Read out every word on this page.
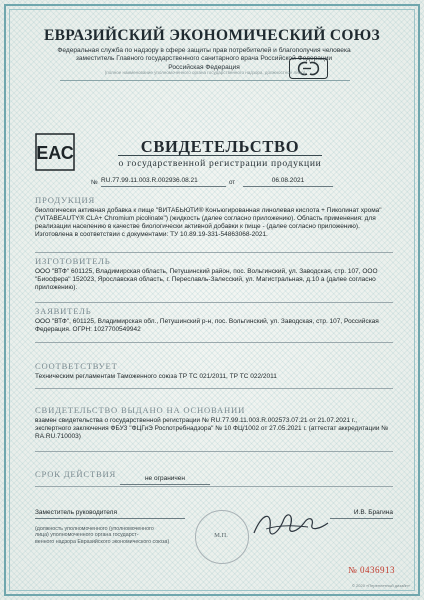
ЕВРАЗИЙСКИЙ ЭКОНОМИЧЕСКИЙ СОЮЗ
Федеральная служба по надзору в сфере защиты прав потребителей и благополучия человека
заместитель Главного государственного санитарного врача Российской Федерации
Российская Федерация
(полное наименование уполномоченного органа государственного надзора, должностное лицо)
ЕАС	СВИДЕТЕЛЬСТВО
о государственной регистрации продукции
№ RU.77.99.11.003.R.002936.08.21	от	06.08.2021
ПРОДУКЦИЯ
биологически активная добавка к пище "ВИТАБЬЮТИ® Конъюгированная линолевая кислота + Пиколинат хрома" ("VITABEAUTY® CLA+ Chromium picolinate") (жидкость (далее согласно приложению). Область применения: для реализации населению в качестве биологически активной добавки к пище - (далее согласно приложению). Изготовлена в соответствии с документами: ТУ 10.89.19-331-54863068-2021.
ИЗГОТОВИТЕЛЬ
ООО "ВТФ" 601125, Владимирская область, Петушинский район, пос. Вольгинский, ул. Заводская, стр. 107, ООО "Биосфера" 152023, Ярославская область, г. Переславль-Залесский, ул. Магистральная, д.10 а (далее согласно приложению).
ЗАЯВИТЕЛЬ
ООО "ВТФ", 601125, Владимирская обл., Петушинский р-н, пос. Вольгинский, ул. Заводская, стр. 107, Российская Федерация. ОГРН: 1027700549942
СООТВЕТСТВУЕТ
Техническим регламентам Таможенного союза ТР ТС 021/2011, ТР ТС 022/2011
СВИДЕТЕЛЬСТВО ВЫДАНО НА ОСНОВАНИИ
взамен свидетельства о государственной регистрации № RU.77.99.11.003.R.002573.07.21 от 21.07.2021 г., экспертного заключения ФБУЗ "ФЦГиЭ Роспотребнадзора" № 10 ФЦ/1002 от 27.05.2021 г. (аттестат аккредитации № RA.RU.710003)
СРОК ДЕЙСТВИЯ	не ограничен
Заместитель руководителя
(должность уполномоченного (уполномоченного
лица) уполномоченного органа государст-
венного надзора Евразийского экономического союза)
М.П.
И.В. Брагина
№ 0436913
© 2020 «Переплетный дизайн»
